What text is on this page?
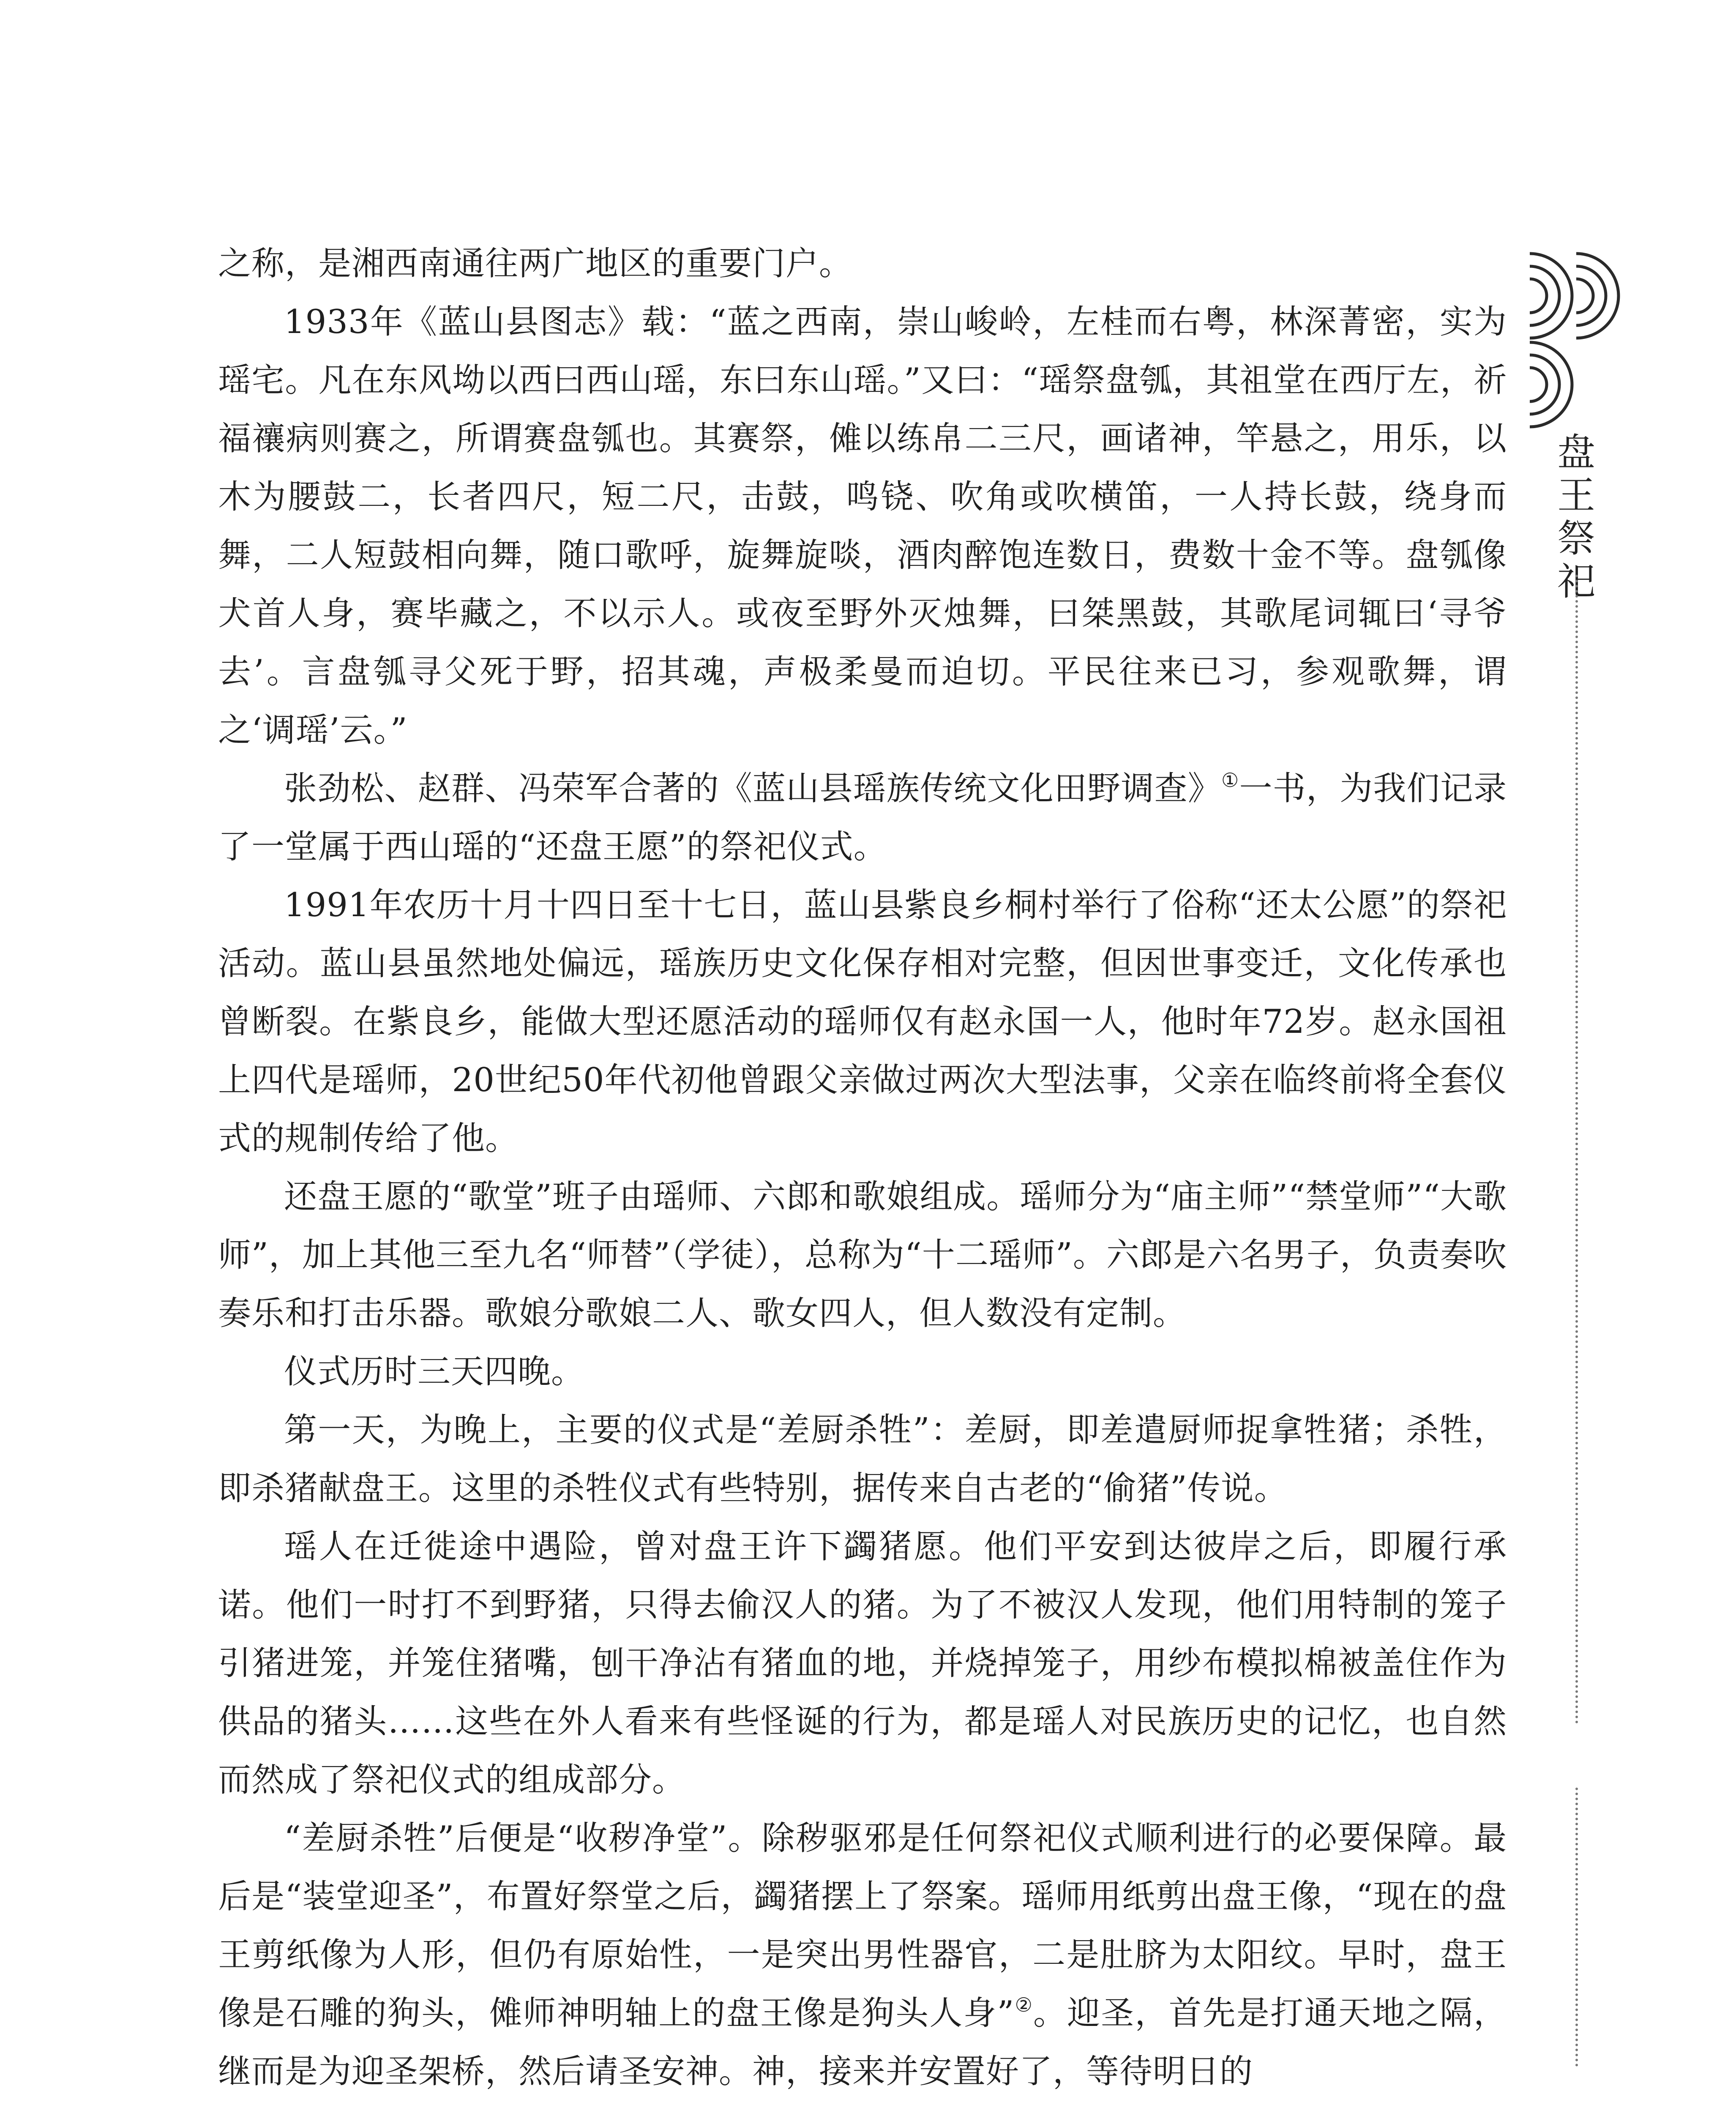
之称，是湘西南通往两广地区的重要门户。

1933年《蓝山县图志》载：“蓝之西南，崇山峻岭，左桂而右粤，林深菁密，实为瑶宅。凡在东风坳以西曰西山瑶，东曰东山瑶。”又曰：“瑶祭盘瓠，其祖堂在西厅左，祈福禳病则赛之，所谓赛盘瓠也。其赛祭，傩以练帛二三尺，画诸神，竿悬之，用乐，以木为腰鼓二，长者四尺，短二尺，击鼓，鸣铙、吹角或吹横笛，一人持长鼓，绕身而舞，二人短鼓相向舞，随口歌呼，旋舞旋啖，酒肉醉饱连数日，费数十金不等。盘瓠像犬首人身，赛毕藏之，不以示人。或夜至野外灭烛舞，曰桀黑鼓，其歌尾词辄曰‘寻爷去’。言盘瓠寻父死于野，招其魂，声极柔曼而迫切。平民往来已习，参观歌舞，谓之‘调瑶’云。”

张劲松、赵群、冯荣军合著的《蓝山县瑶族传统文化田野调查》①一书，为我们记录了一堂属于西山瑶的“还盘王愿”的祭祀仪式。

1991年农历十月十四日至十七日，蓝山县紫良乡桐村举行了俗称“还太公愿”的祭祀活动。蓝山县虽然地处偏远，瑶族历史文化保存相对完整，但因世事变迁，文化传承也曾断裂。在紫良乡，能做大型还愿活动的瑶师仅有赵永国一人，他时年72岁。赵永国祖上四代是瑶师，20世纪50年代初他曾跟父亲做过两次大型法事，父亲在临终前将全套仪式的规制传给了他。

还盘王愿的“歌堂”班子由瑶师、六郎和歌娘组成。瑶师分为“庙主师”“禁堂师”“大歌师”，加上其他三至九名“师替”（学徒），总称为“十二瑶师”。六郎是六名男子，负责奏吹奏乐和打击乐器。歌娘分歌娘二人、歌女四人，但人数没有定制。

仪式历时三天四晚。

第一天，为晚上，主要的仪式是“差厨杀牲”：差厨，即差遣厨师捉拿牲猪；杀牲，即杀猪献盘王。这里的杀牲仪式有些特别，据传来自古老的“偷猪”传说。

瑶人在迁徙途中遇险，曾对盘王许下蠲猪愿。他们平安到达彼岸之后，即履行承诺。他们一时打不到野猪，只得去偷汉人的猪。为了不被汉人发现，他们用特制的笼子引猪进笼，并笼住猪嘴，刨干净沾有猪血的地，并烧掉笼子，用纱布模拟棉被盖住作为供品的猪头……这些在外人看来有些怪诞的行为，都是瑶人对民族历史的记忆，也自然而然成了祭祀仪式的组成部分。

“差厨杀牲”后便是“收秽净堂”。除秽驱邪是任何祭祀仪式顺利进行的必要保障。最后是“装堂迎圣”，布置好祭堂之后，蠲猪摆上了祭案。瑶师用纸剪出盘王像，“现在的盘王剪纸像为人形，但仍有原始性，一是突出男性器官，二是肚脐为太阳纹。早时，盘王像是石雕的狗头，傩师神明轴上的盘王像是狗头人身”②。迎圣，首先是打通天地之隔，继而是为迎圣架桥，然后请圣安神。神，接来并安置好了，等待明日的

盘
王
祭
祀
